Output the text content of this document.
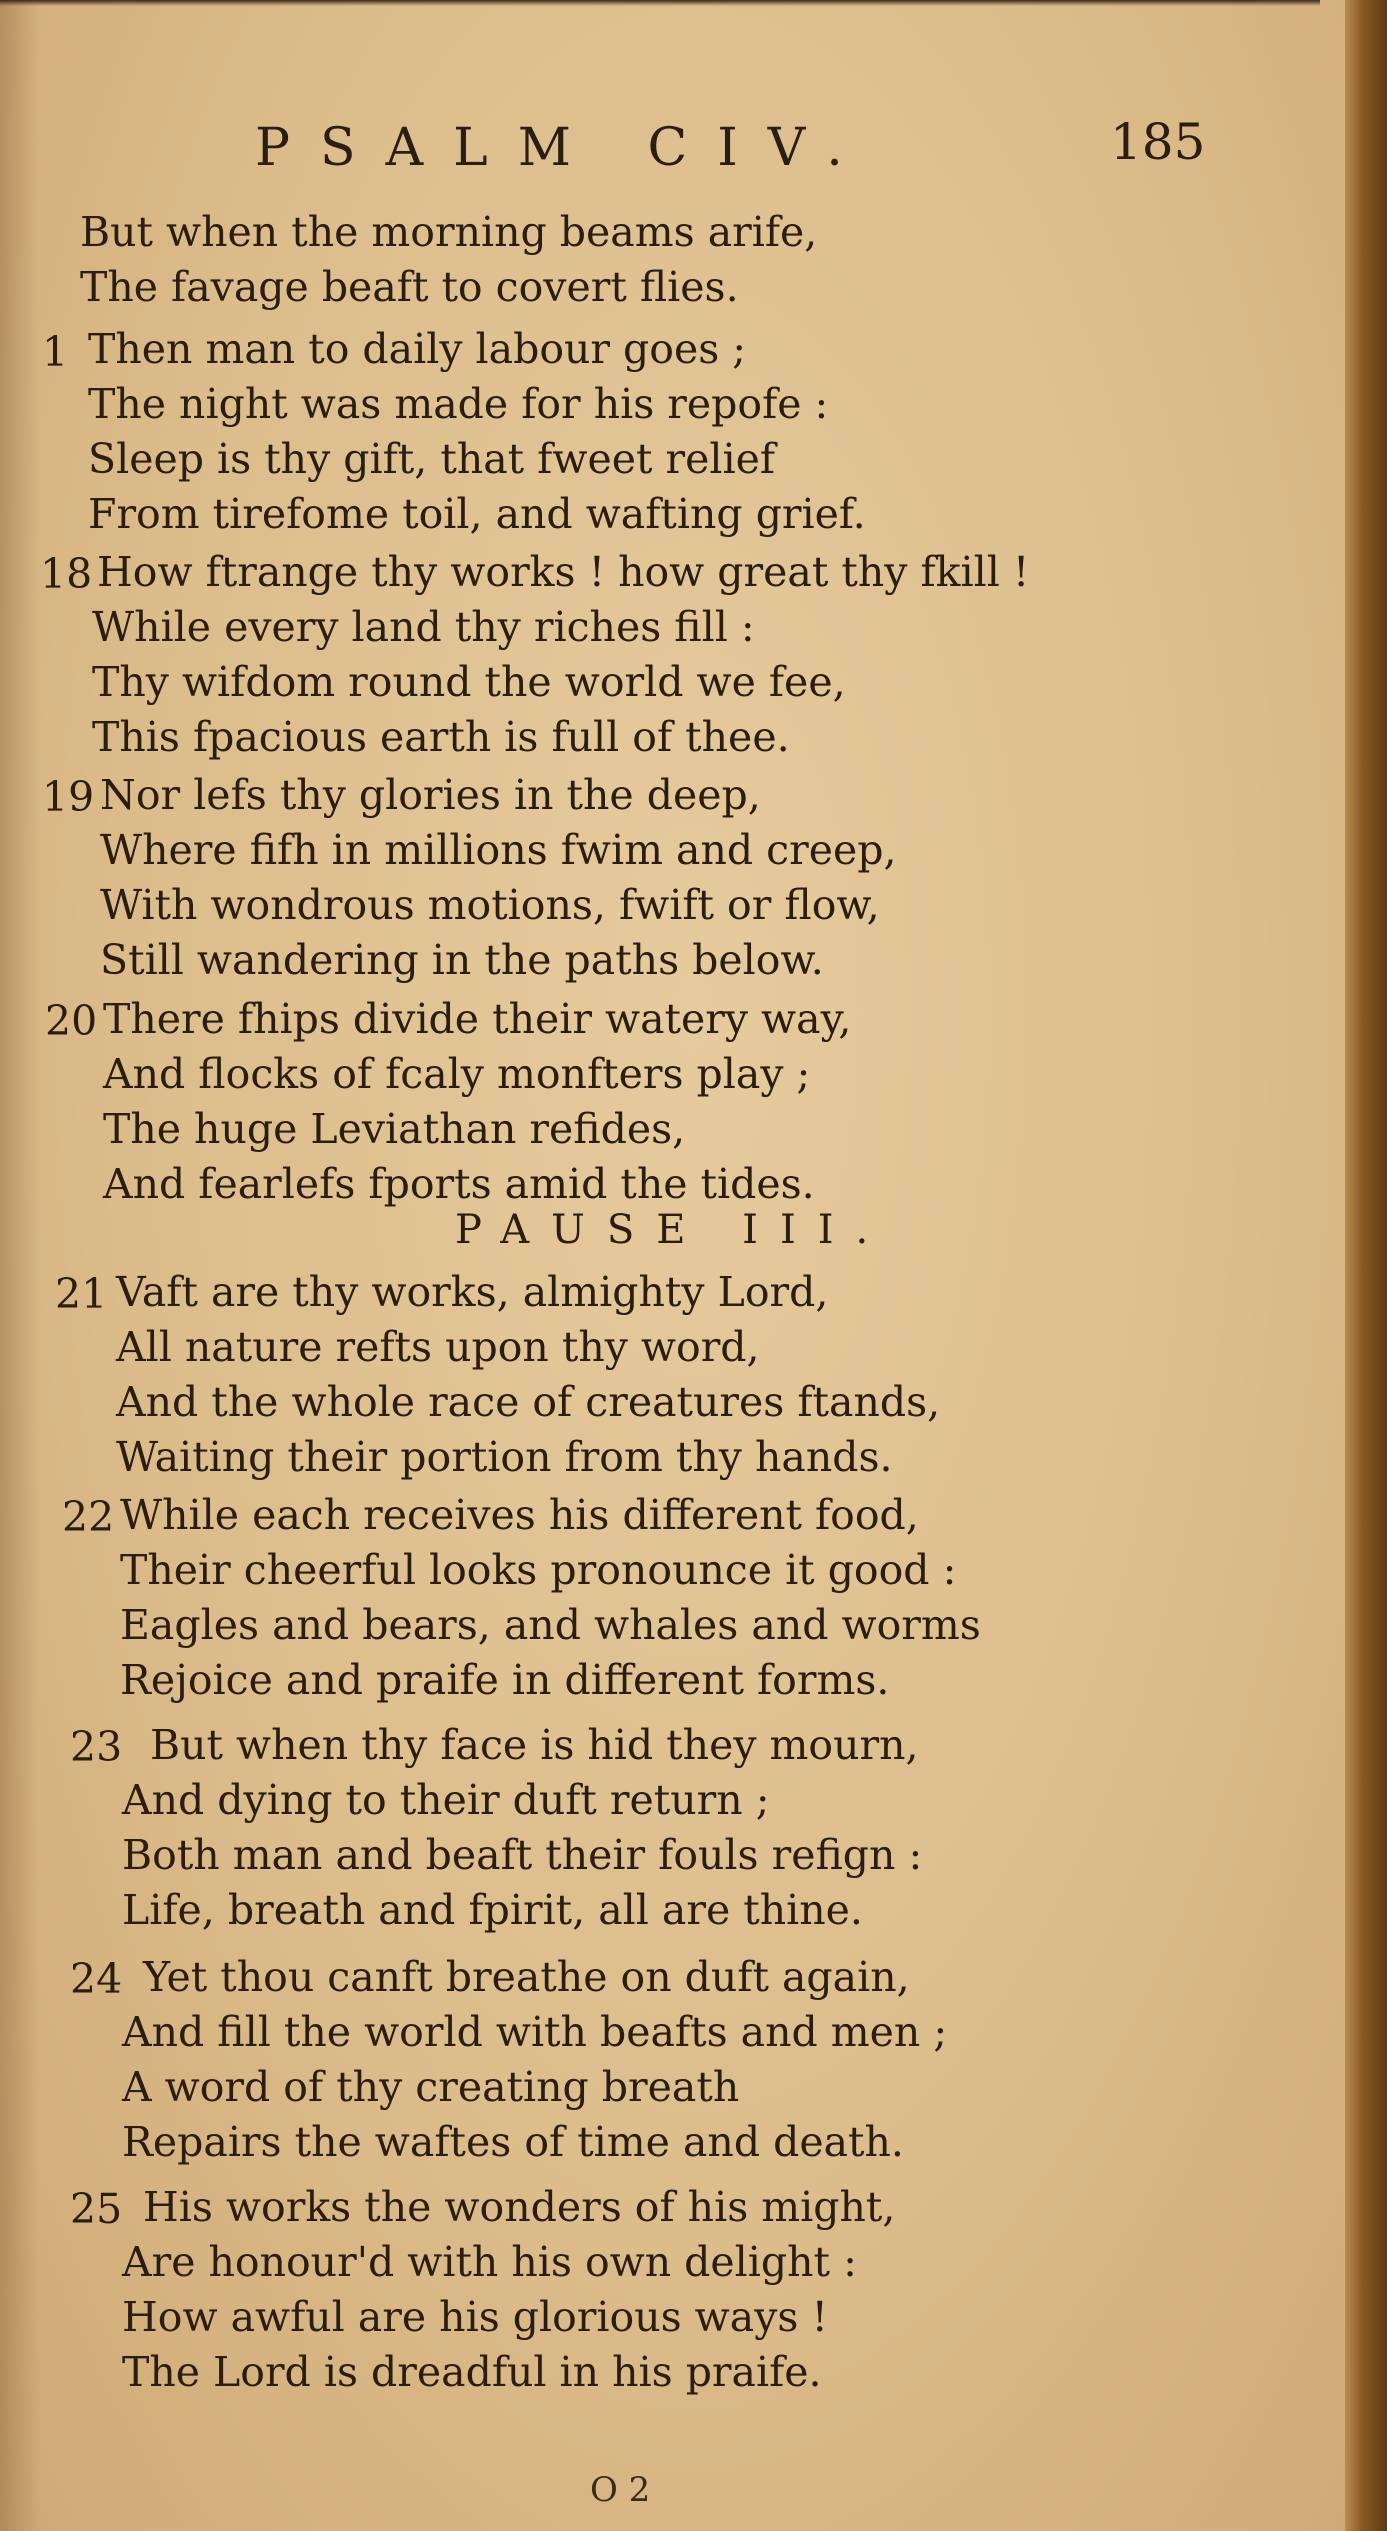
PSALM CIV.	185
But when the morning beams arife,
The favage beaft to covert flies.
1 Then man to daily labour goes ;
The night was made for his repofe :
Sleep is thy gift, that fweet relief
From tirefome toil, and wafting grief.
18 How ftrange thy works ! how great thy fkill !
While every land thy riches fill :
Thy wifdom round the world we fee,
This fpacious earth is full of thee.
19 Nor lefs thy glories in the deep,
Where fifh in millions fwim and creep,
With wondrous motions, fwift or flow,
Still wandering in the paths below.
20 There fhips divide their watery way,
And flocks of fcaly monfters play ;
The huge Leviathan refides,
And fearlefs fports amid the tides.
PAUSE III.
21 Vaft are thy works, almighty Lord,
All nature refts upon thy word,
And the whole race of creatures ftands,
Waiting their portion from thy hands.
22 While each receives his different food,
Their cheerful looks pronounce it good :
Eagles and bears, and whales and worms
Rejoice and praife in different forms.
23 But when thy face is hid they mourn,
And dying to their duft return ;
Both man and beaft their fouls refign :
Life, breath and fpirit, all are thine.
24 Yet thou canft breathe on duft again,
And fill the world with beafts and men ;
A word of thy creating breath
Repairs the waftes of time and death.
25 His works the wonders of his might,
Are honour'd with his own delight :
How awful are his glorious ways !
The Lord is dreadful in his praife.
O 2
